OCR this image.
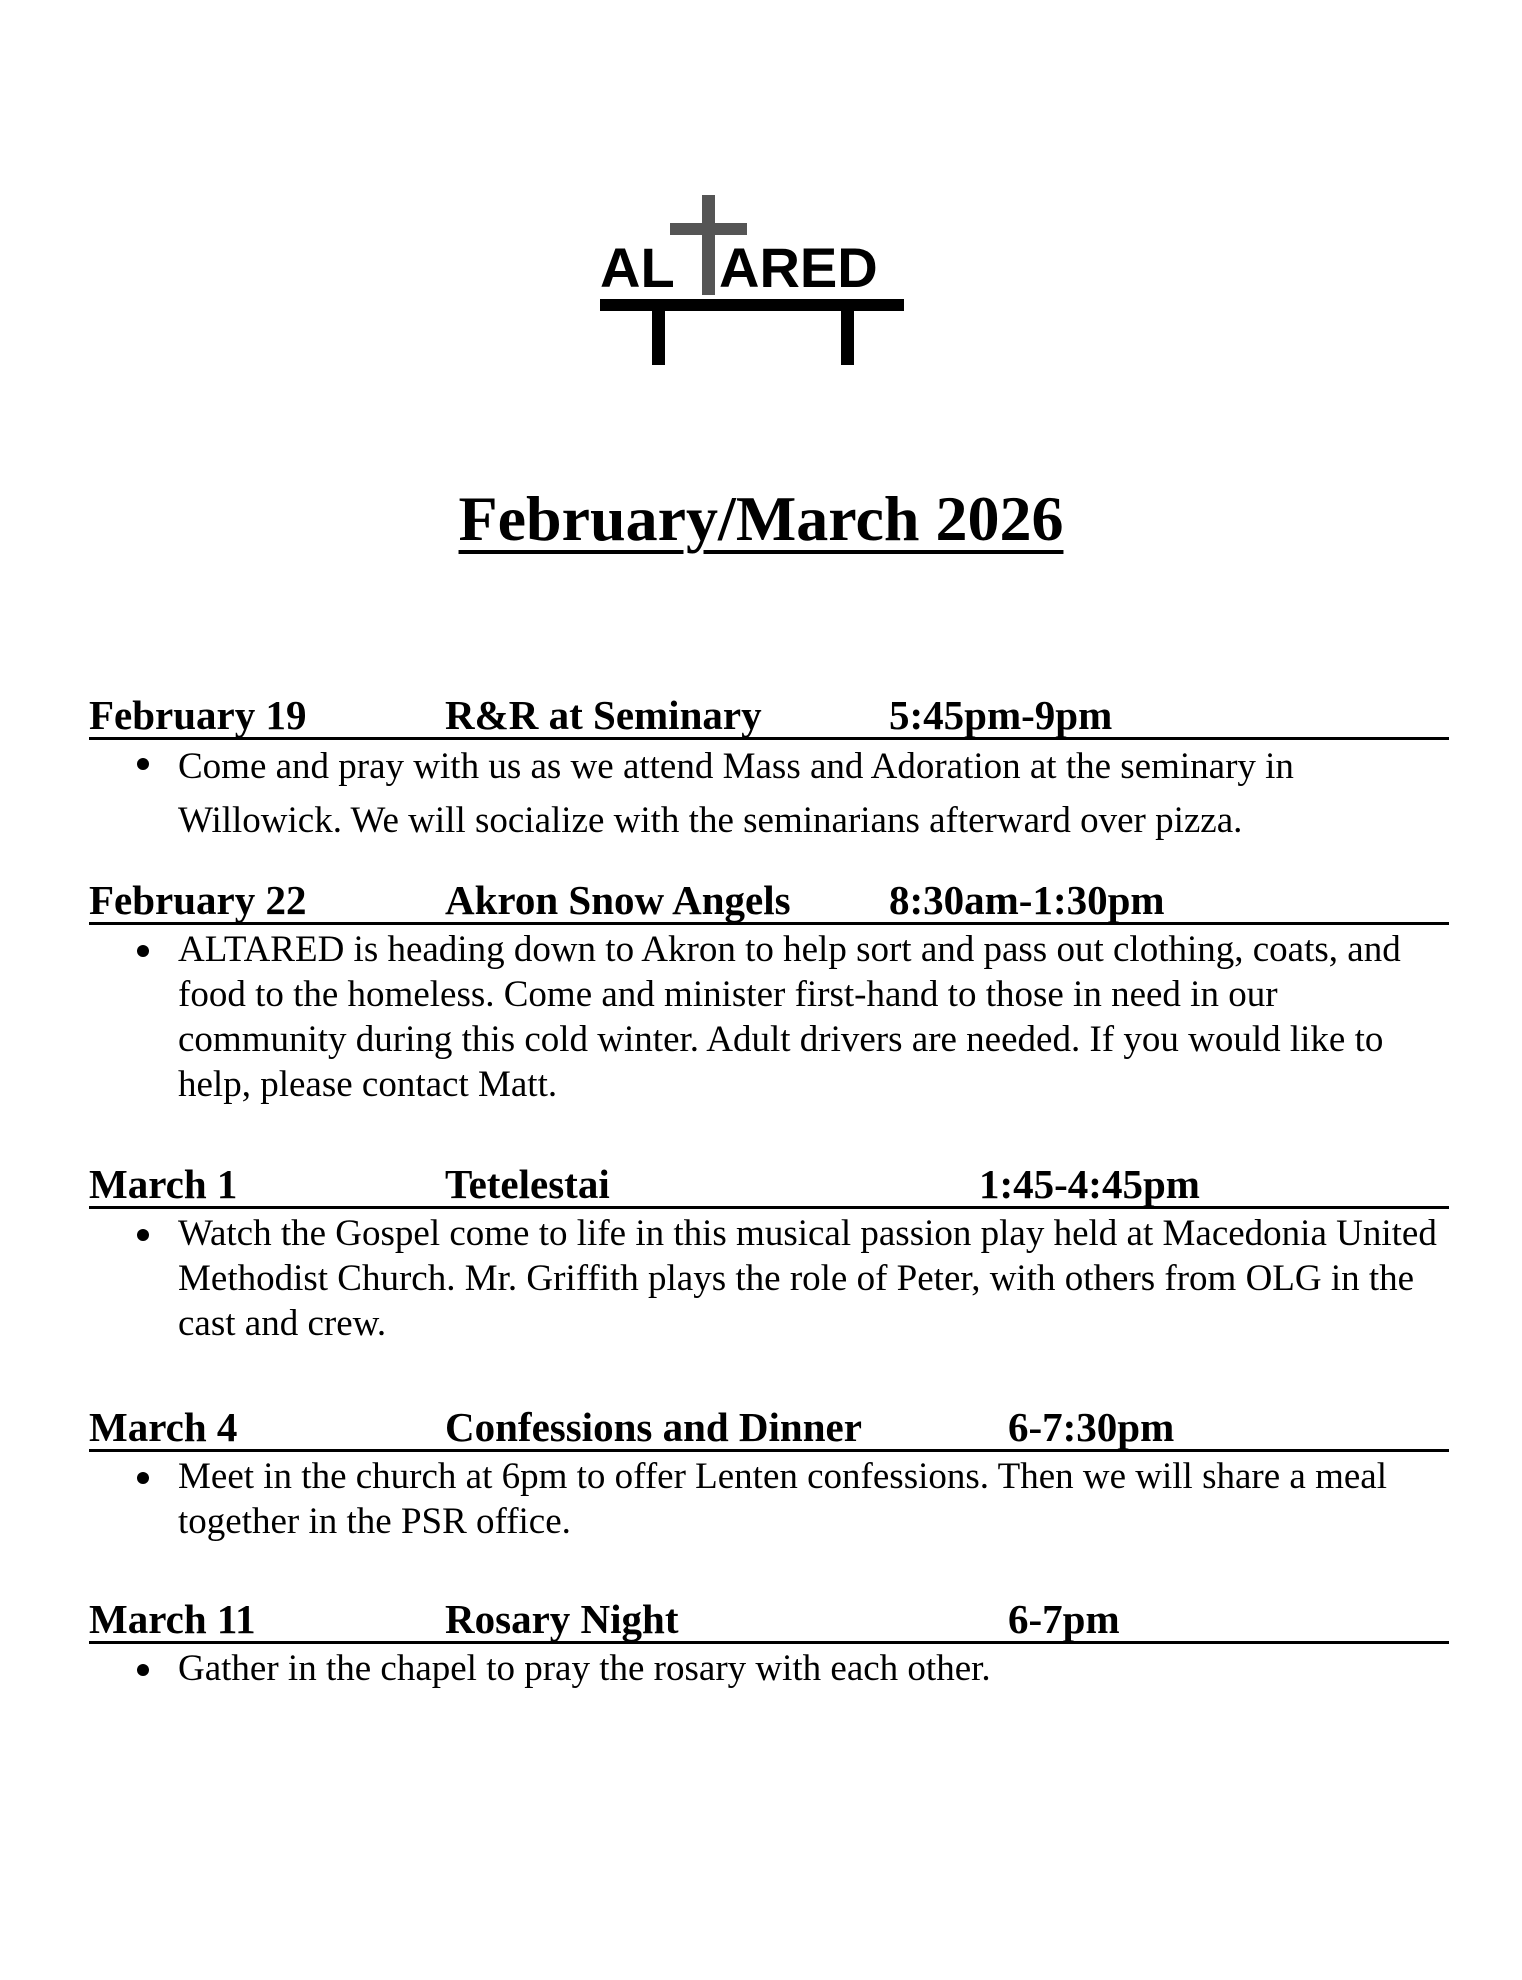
AL ARED
February/March 2026
February 19	R&R at Seminary	5:45pm-9pm

Come and pray with us as we attend Mass and Adoration at the seminary in Willowick. We will socialize with the seminarians afterward over pizza.

February 22	Akron Snow Angels 8:30am-1:30pm

ALTARED is heading down to Akron to help sort and pass out clothing, coats, and food to the homeless. Come and minister first-hand to those in need in our community during this cold winter. Adult drivers are needed. If you would like to help, please contact Matt.

March 1	Tetelestai	1:45-4:45pm

Watch the Gospel come to life in this musical passion play held at Macedonia United Methodist Church. Mr. Griffith plays the role of Peter, with others from OLG in the cast and crew.

March 4	Confessions and Dinner	6-7:30pm

Meet in the church at 6pm to offer Lenten confessions. Then we will share a meal together in the PSR office.

March 11	Rosary Night	6-7pm

Gather in the chapel to pray the rosary with each other.
